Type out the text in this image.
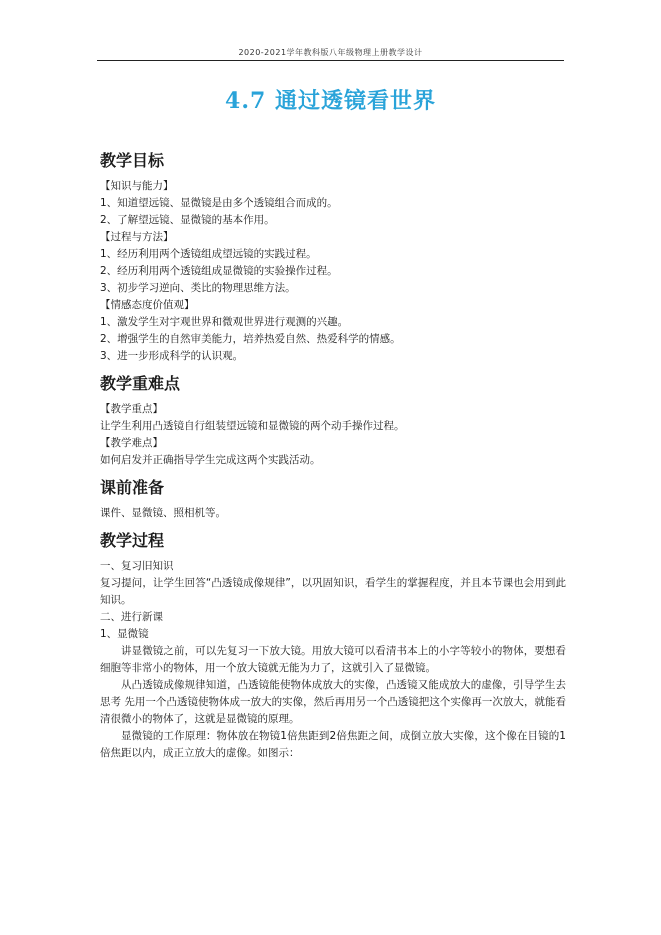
2020-2021学年教科版八年级物理上册教学设计
4.7 通过透镜看世界
教学目标

【知识与能力】

1、知道望远镜、显微镜是由多个透镜组合而成的。

2、了解望远镜、显微镜的基本作用。

【过程与方法】

1、经历利用两个透镜组成望远镜的实践过程。

2、经历利用两个透镜组成显微镜的实验操作过程。

3、初步学习逆向、类比的物理思维方法。

【情感态度价值观】

1、激发学生对宇观世界和微观世界进行观测的兴趣。

2、增强学生的自然审美能力，培养热爱自然、热爱科学的情感。

3、进一步形成科学的认识观。

教学重难点

【教学重点】

让学生利用凸透镜自行组装望远镜和显微镜的两个动手操作过程。

【教学难点】

如何启发并正确指导学生完成这两个实践活动。

课前准备

课件、显微镜、照相机等。

教学过程

一、复习旧知识

复习提问，让学生回答“凸透镜成像规律”，以巩固知识，看学生的掌握程度，并且本节课也会用到此知识。

二、进行新课

1、显微镜

讲显微镜之前，可以先复习一下放大镜。用放大镜可以看清书本上的小字等较小的物体，要想看细胞等非常小的物体，用一个放大镜就无能为力了，这就引入了显微镜。

从凸透镜成像规律知道，凸透镜能使物体成放大的实像，凸透镜又能成放大的虚像，引导学生去思考 先用一个凸透镜使物体成一放大的实像，然后再用另一个凸透镜把这个实像再一次放大，就能看清很微小的物体了，这就是显微镜的原理。

显微镜的工作原理：物体放在物镜1倍焦距到2倍焦距之间，成倒立放大实像，这个像在目镜的1倍焦距以内，成正立放大的虚像。如图示：
